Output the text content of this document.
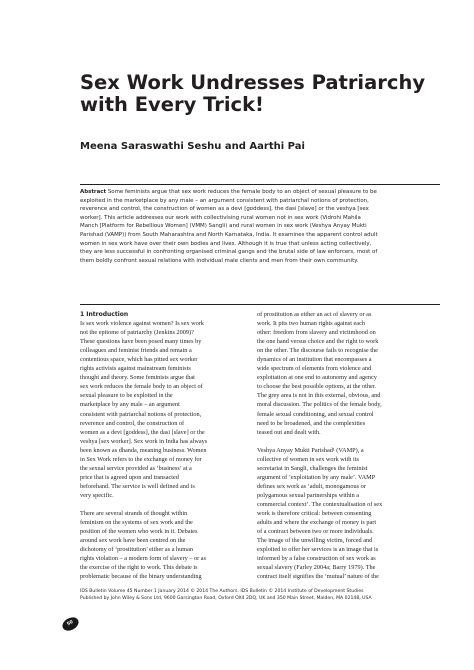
Sex Work Undresses Patriarchy
with Every Trick!
Meena Saraswathi Seshu and Aarthi Pai
Abstract Some feminists argue that sex work reduces the female body to an object of sexual pleasure to be
exploited in the marketplace by any male – an argument consistent with patriarchal notions of protection,
reverence and control, the construction of women as a devi [goddess], the dasi [slave] or the veshya [sex
worker]. This article addresses our work with collectivising rural women not in sex work (Vidrohi Mahila
Manch [Platform for Rebellious Women] (VMM) Sangli) and rural women in sex work (Veshya Anyay Mukti
Parishad (VAMP)) from South Maharashtra and North Karnataka, India. It examines the apparent control adult
women in sex work have over their own bodies and lives. Although it is true that unless acting collectively,
they are less successful in confronting organised criminal gangs and the brutal side of law enforcers, most of
them boldly confront sexual relations with individual male clients and men from their own community.
1 Introduction
Is sex work violence against women? Is sex work
not the epitome of patriarchy (Jenkins 2009)?
These questions have been posed many times by
colleagues and feminist friends and remain a
contentious space, which has pitted sex worker
rights activists against mainstream feminists
thought and theory. Some feminists argue that
sex work reduces the female body to an object of
sexual pleasure to be exploited in the
marketplace by any male – an argument
consistent with patriarchal notions of protection,
reverence and control, the construction of
women as a devi [goddess], the dasi [slave] or the
veshya [sex worker]. Sex work in India has always
been known as dhanda, meaning business. Women
in Sex Work refers to the exchange of money for
the sexual service provided as ‘business’ at a
price that is agreed upon and transacted
beforehand. The service is well defined and is
very specific.
There are several strands of thought within
feminism on the systems of sex work and the
position of the women who work in it. Debates
around sex work have been centred on the
dichotomy of ‘prostitution’ either as a human
rights violation – a modern form of slavery – or as
the exercise of the right to work. This debate is
problematic because of the binary understanding
of prostitution as either an act of slavery or as
work. It pits two human rights against each
other: freedom from slavery and victimhood on
the one hand versus choice and the right to work
on the other. The discourse fails to recognise the
dynamics of an institution that encompasses a
wide spectrum of elements from violence and
exploitation at one end to autonomy and agency
to choose the best possible options, at the other.
The grey area is not in this external, obvious, and
moral discussion. The politics of the female body,
female sexual conditioning, and sexual control
need to be broadened, and the complexities
teased out and dealt with.
Veshya Anyay Mukti Parishad¹ (VAMP), a
collective of women in sex work with its
secretariat in Sangli, challenges the feminist
argument of ‘exploitation by any male’. VAMP
defines sex work as ‘adult, monogamous or
polygamous sexual partnerships within a
commercial context’. The contextualisation of sex
work is therefore critical: between consenting
adults and where the exchange of money is part
of a contract between two or more individuals.
The image of the unwilling victim, forced and
exploited to offer her services is an image that is
informed by a false construction of sex work as
sexual slavery (Farley 2004a; Barry 1979). The
contract itself signifies the ‘mutual’ nature of the
IDS Bulletin Volume 45 Number 1 January 2014 © 2014 The Authors. IDS Bulletin © 2014 Institute of Development Studies
Published by John Wiley & Sons Ltd, 9600 Garsington Road, Oxford OX4 2DQ, UK and 350 Main Street, Malden, MA 02148, USA
50
